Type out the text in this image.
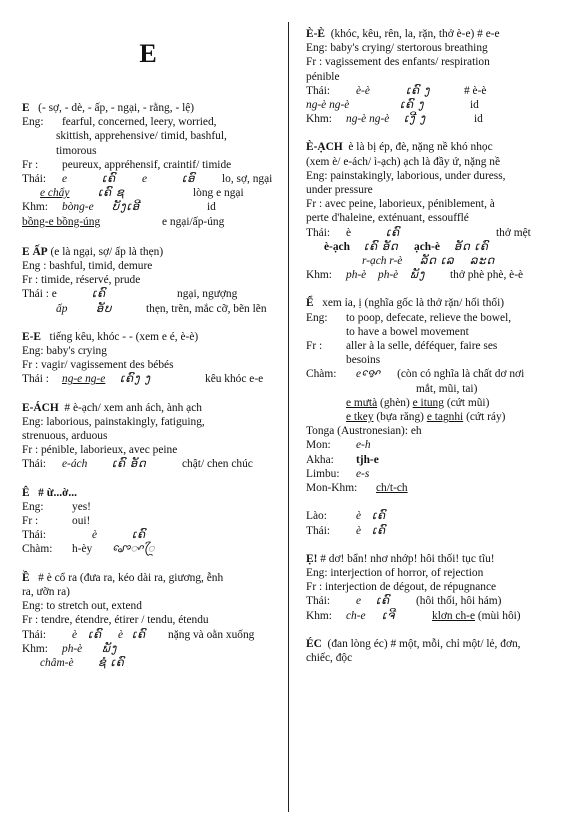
E
E (- sợ, - dè, - ấp, - ngại, - rằng, - lệ)
Eng: fearful, concerned, leery, worried,
skittish, apprehensive/ timid, bashful,
timorous
Fr : peureux, appréhensif, craintif/ timide
Thái: e	ເຄົ e	ເອົ lo, sợ, ngại
e chẩy	ເຄົ ຊ	lòng e ngại
Khm: bòng-e ບັງເອີ	id
bồng-e bồng-úng	e ngại/ấp-úng
E ẤP (e là ngại, sợ/ ấp là thẹn)
Eng : bashful, timid, demure
Fr : timide, réservé, prude
Thái : e	ເຄົ	ngại, ngượng
ấp	ອັບ	thẹn, trẽn, mắc cỡ, bẽn lẽn
E-E tiếng kêu, khóc - - (xem e é, è-è)
Eng: baby's crying
Fr : vagir/ vagissement des bébés
Thái : ng-e ng-e ເຄົງ ງ	kêu khóc e-e
E-ÁCH # è-ạch/ xem anh ách, ành ạch
Eng: laborious, painstakingly, fatiguing,
strenuous, arduous
Fr : pénible, laborieux, avec peine
Thái: e-ách ເຄົ ອັດ	chật/ chen chúc
Ê # ừ...ờ...
Eng: yes!
Fr :	oui!
Thái:	è	ເຄົ
Chàm: h-èy ꨨꨯꨳꨴ
Ề # è cổ ra (đưa ra, kéo dài ra, giương, ễnh
ra, ưỡn ra)
Eng: to stretch out, extend
Fr : tendre, étendre, étirer / tendu, étendu
Thái: è ເຄົ è ເຄົ nặng và oằn xuống
Khm: ph-è ພັງ
châm-è ຊໍ ເຄົ
È-È (khóc, kêu, rên, la, rặn, thở è-e) # e-e
Eng: baby's crying/ stertorous breathing
Fr : vagissement des enfants/ respiration
pénible
Thái: è-è	ເຄົ ງ	# è-è
ng-è ng-è	ເຄົ ງ	id
Khm: ng-è ng-è ເງີ ງ	id
È-ẠCH è là bị ép, đè, nặng nề khó nhọc
(xem è/ e-ách/ ì-ạch) ạch là đầy ứ, nặng nề
Eng: painstakingly, laborious, under duress,
under pressure
Fr : avec peine, laborieux, péniblement, à
perte d'haleine, exténuant, essoufflé
Thái: è	ເຄົ	thở mệt
è-ạch ເຄົ ອັດ ạch-è ອັດ ເຄົ
r-ạch r-è ລັດ ເລ ລະດ
Khm: ph-è ph-è ພັງ thở phè phè, è-è
Ể xem ỉa, ị (nghĩa gốc là thở rặn/ hối thối)
Eng: to poop, defecate, relieve the bowel,
to have a bowel movement
Fr : aller à la selle, déféquer, faire ses
besoins
Chàm: eꨀꨯ (còn có nghĩa là chất dơ nơi
mắt, mũi, tai)
e mưtà (ghèn) e itung (cứt mũi)
e tkey (bựa răng) e tagnhi (cứt ráy)
Tonga (Austronesian): eh
Mon: e-h
Akha: tjh-e
Limbu: e-s
Mon-Khm: ch/t-ch
Lào:	è ເຄົ
Thái: è ເຄົ
Ẹ! # dơ! bẩn! nhơ nhớp! hôi thối! tục tĩu!
Eng: interjection of horror, of rejection
Fr : interjection de dégout, de répugnance
Thái: e ເຄົ (hôi thối, hôi hám)
Khm: ch-e ເຈີ	klơn ch-e (mùi hôi)
ÉC (đan lòng éc) # một, mỗi, chỉ một/ lẻ, đơn,
chiếc, độc
